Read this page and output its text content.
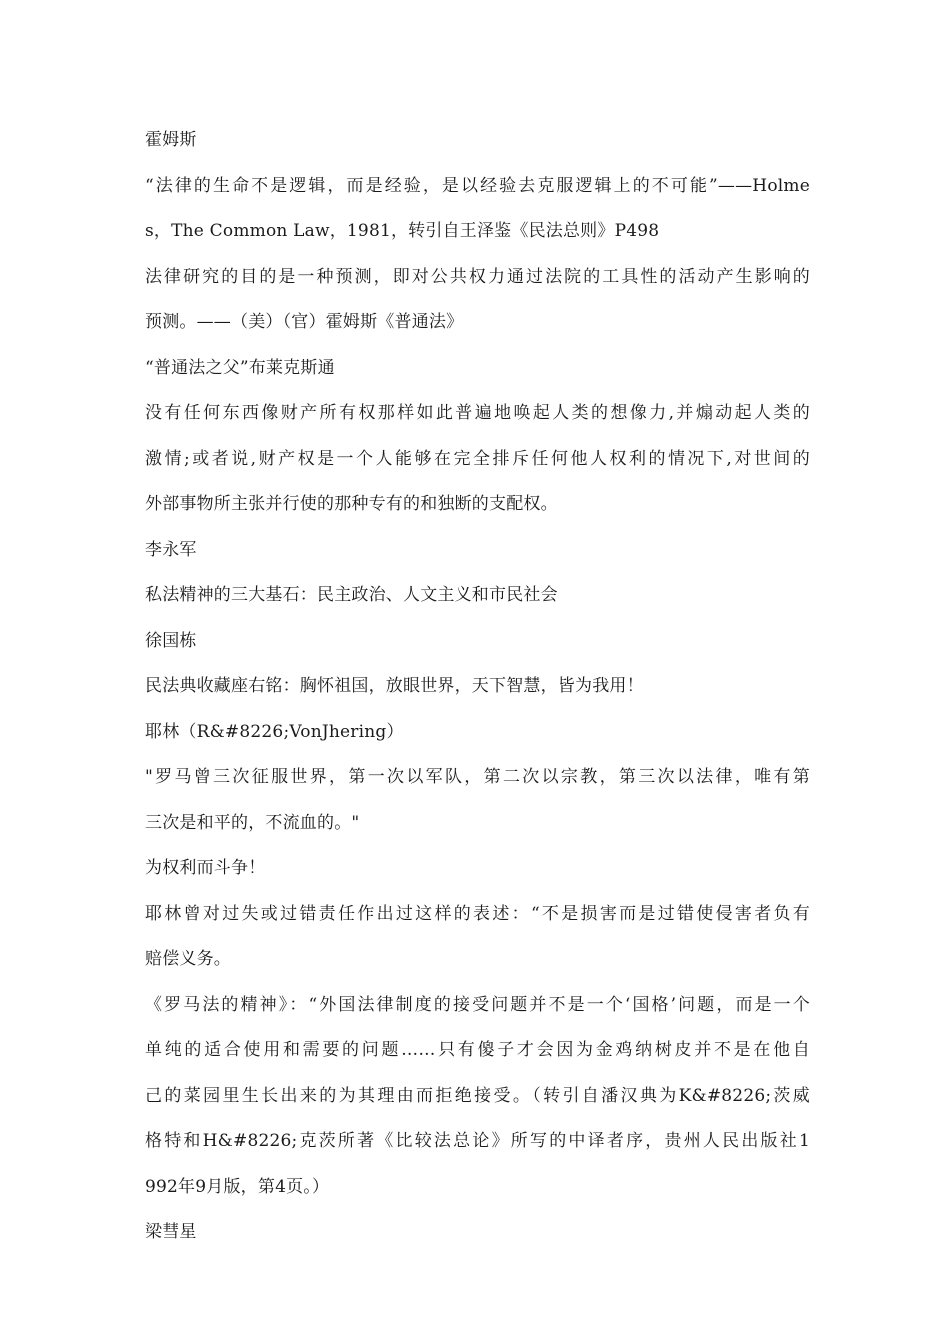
霍姆斯
“法律的生命不是逻辑，而是经验，是以经验去克服逻辑上的不可能”——Holme
s，The Common Law，1981，转引自王泽鉴《民法总则》P498
法律研究的目的是一种预测，即对公共权力通过法院的工具性的活动产生影响的
预测。——（美）（官）霍姆斯《普通法》
“普通法之父”布莱克斯通
没有任何东西像财产所有权那样如此普遍地唤起人类的想像力,并煽动起人类的
激情;或者说,财产权是一个人能够在完全排斥任何他人权利的情况下,对世间的
外部事物所主张并行使的那种专有的和独断的支配权。
李永军
私法精神的三大基石：民主政治、人文主义和市民社会
徐国栋
民法典收藏座右铭：胸怀祖国，放眼世界，天下智慧，皆为我用！
耶林（R&#8226;VonJhering）
"罗马曾三次征服世界，第一次以军队，第二次以宗教，第三次以法律，唯有第
三次是和平的，不流血的。"
为权利而斗争！
耶林曾对过失或过错责任作出过这样的表述：“不是损害而是过错使侵害者负有
赔偿义务。
《罗马法的精神》：“外国法律制度的接受问题并不是一个‘国格’问题，而是一个
单纯的适合使用和需要的问题……只有傻子才会因为金鸡纳树皮并不是在他自
己的菜园里生长出来的为其理由而拒绝接受。（转引自潘汉典为K&#8226;茨威
格特和H&#8226;克茨所著《比较法总论》所写的中译者序，贵州人民出版社1
992年9月版，第4页。）
梁彗星
